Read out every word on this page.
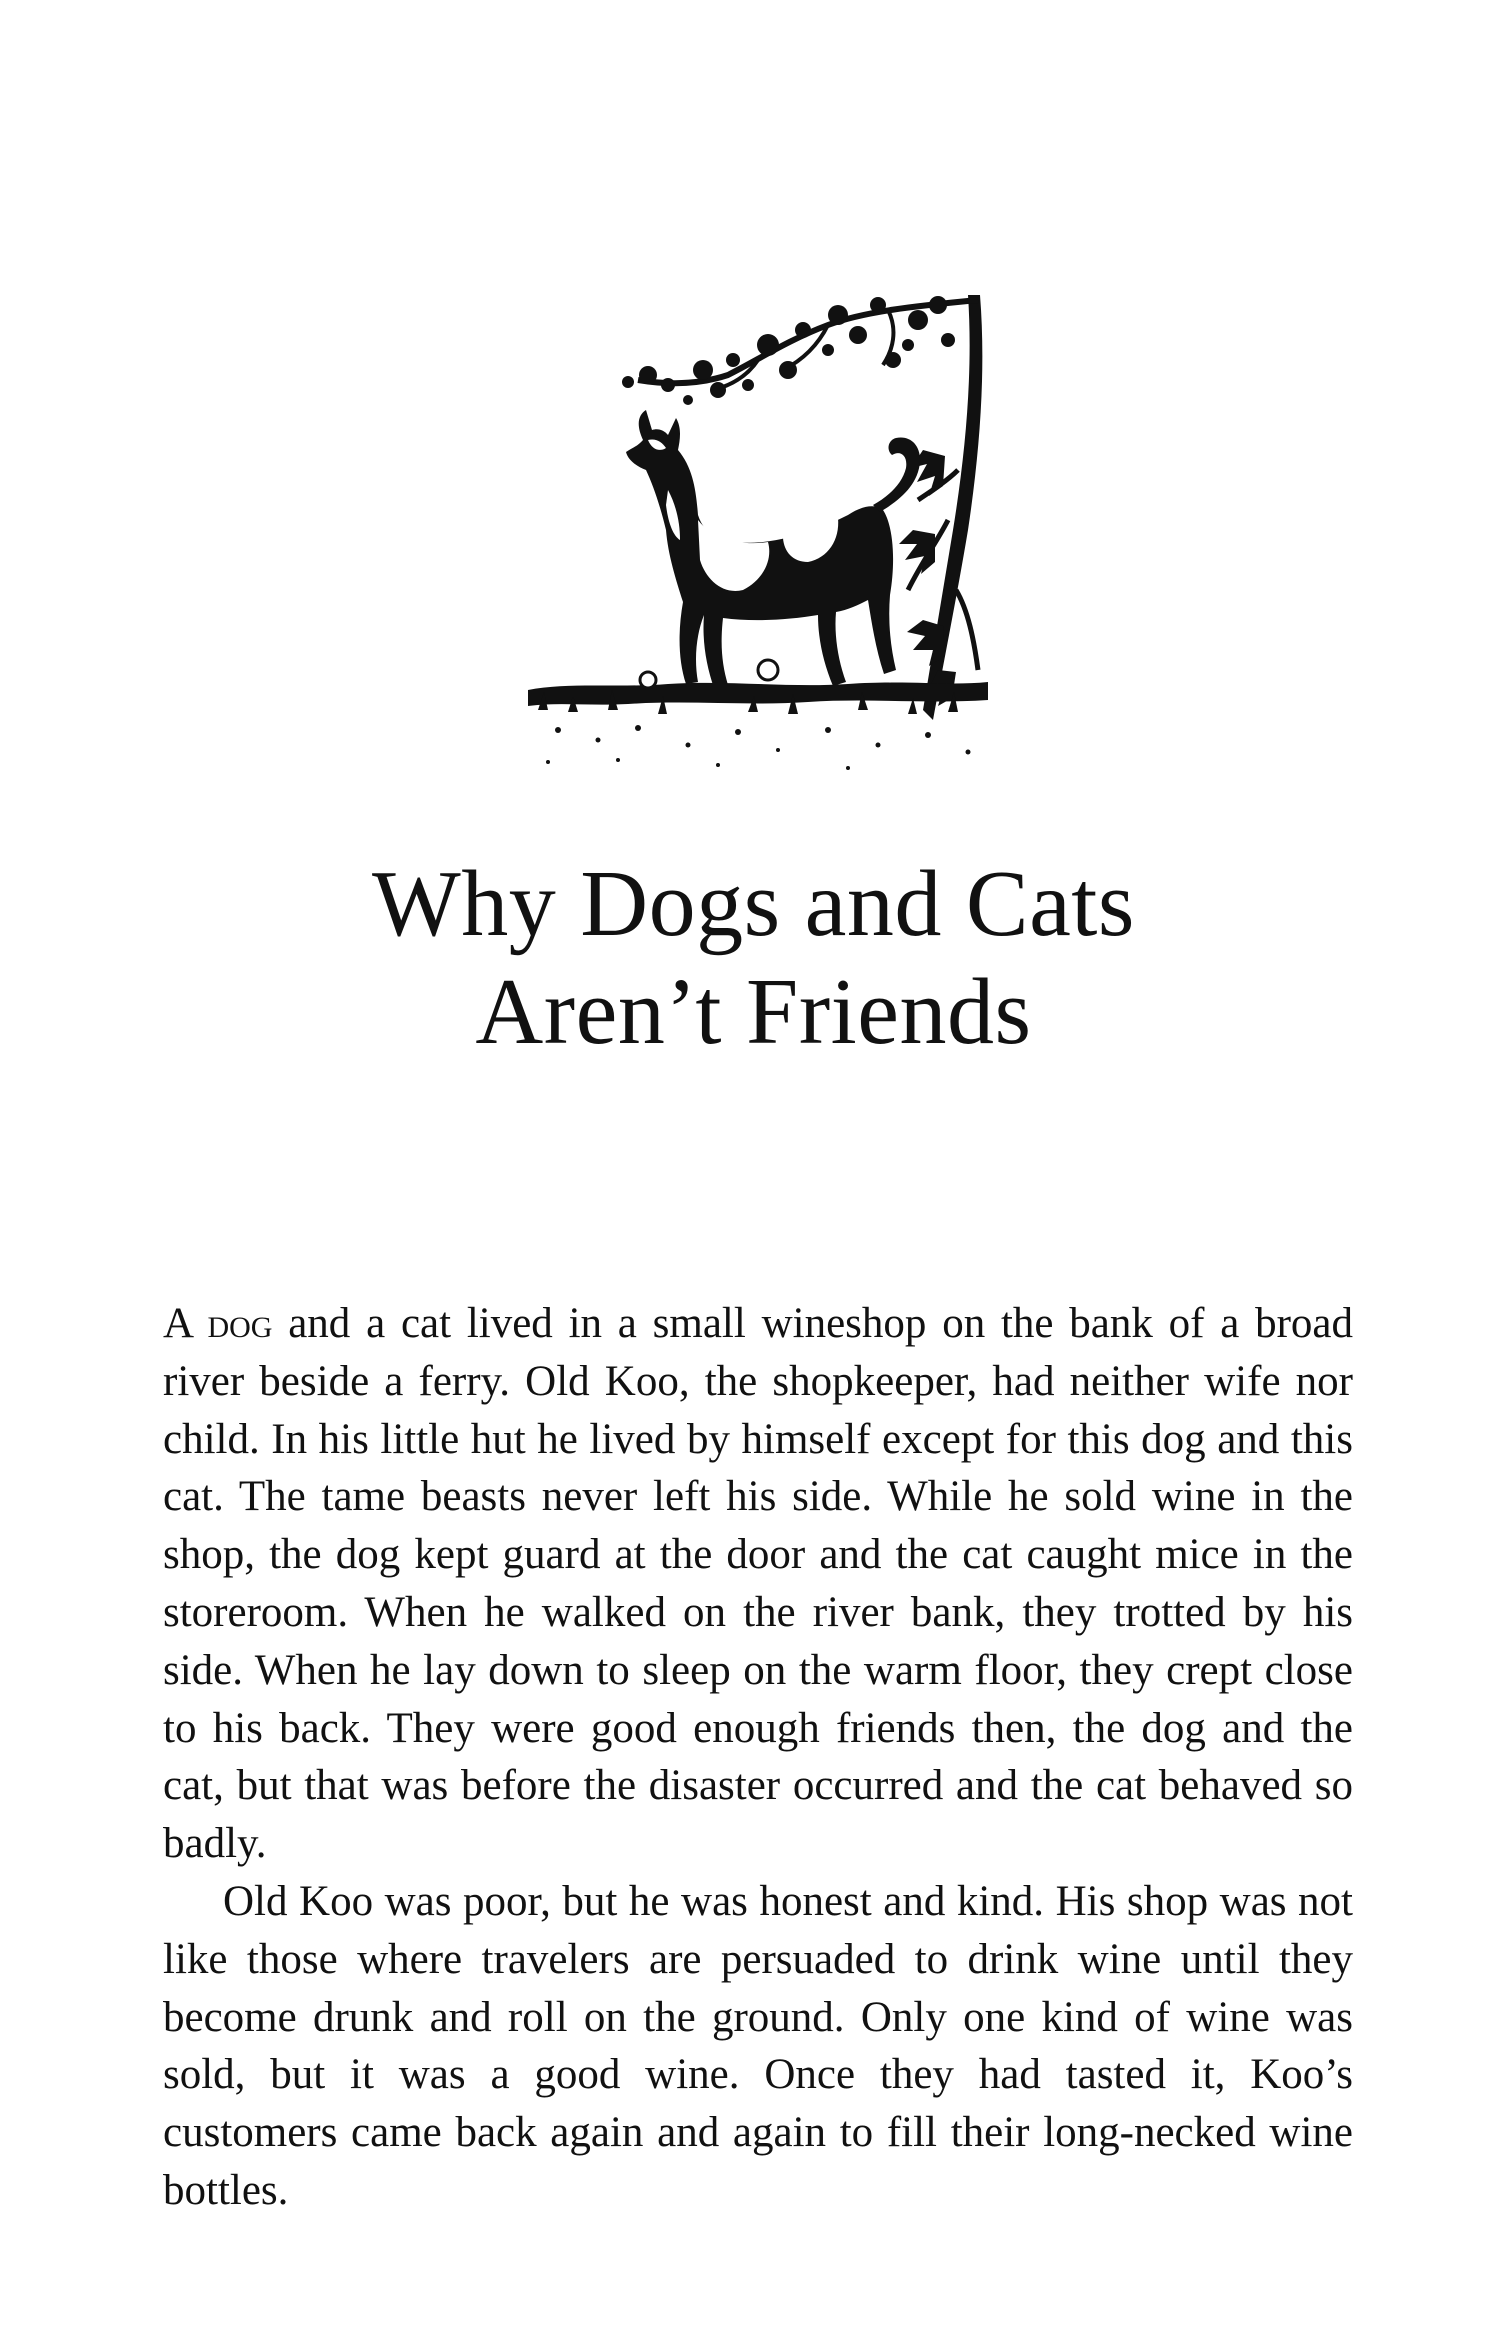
Why Dogs and Cats
Aren’t Friends

A dog and a cat lived in a small wineshop on the bank of a broad river beside a ferry. Old Koo, the shopkeeper, had neither wife nor child. In his little hut he lived by himself except for this dog and this cat. The tame beasts never left his side. While he sold wine in the shop, the dog kept guard at the door and the cat caught mice in the storeroom. When he walked on the river bank, they trotted by his side. When he lay down to sleep on the warm floor, they crept close to his back. They were good enough friends then, the dog and the cat, but that was before the disaster occurred and the cat behaved so badly.

Old Koo was poor, but he was honest and kind. His shop was not like those where travelers are persuaded to drink wine until they become drunk and roll on the ground. Only one kind of wine was sold, but it was a good wine. Once they had tasted it, Koo’s customers came back again and again to fill their long-necked wine bottles.
